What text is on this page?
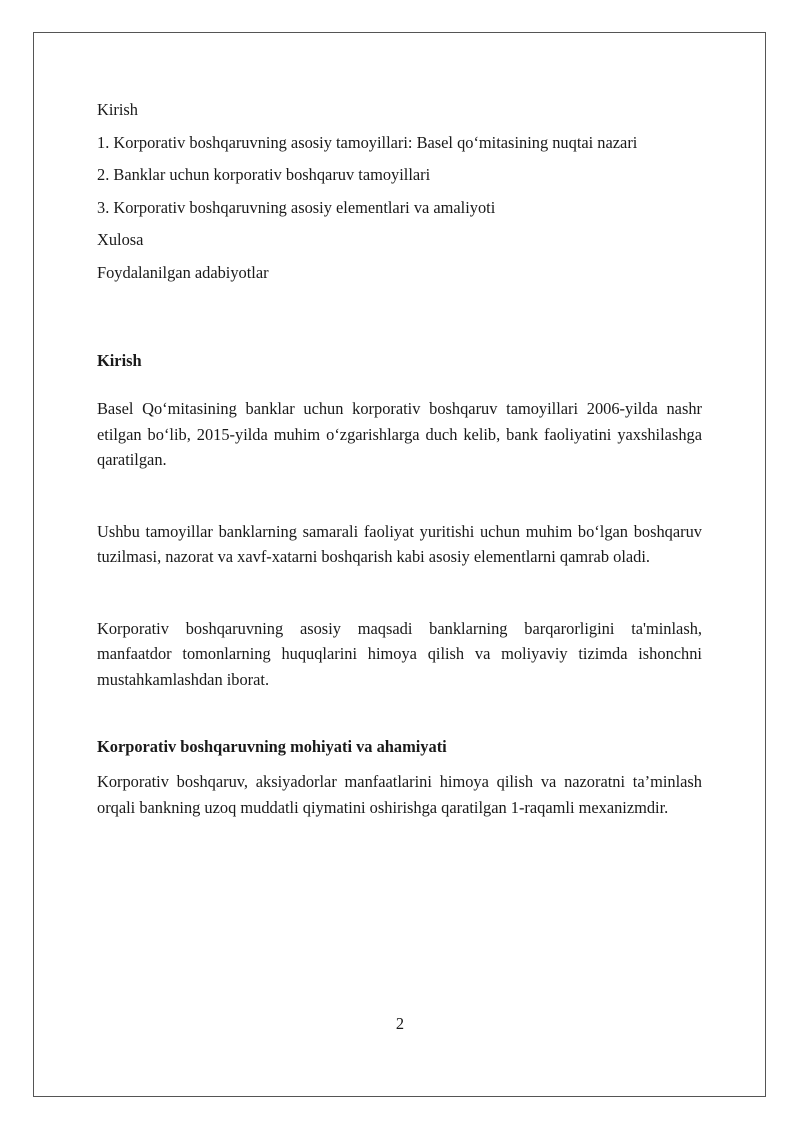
Kirish

1. Korporativ boshqaruvning asosiy tamoyillari: Basel qo‘mitasining nuqtai nazari

2. Banklar uchun korporativ boshqaruv tamoyillari

3. Korporativ boshqaruvning asosiy elementlari va amaliyoti

Xulosa

Foydalanilgan adabiyotlar

Kirish

Basel Qo‘mitasining banklar uchun korporativ boshqaruv tamoyillari 2006-yilda nashr etilgan bo‘lib, 2015-yilda muhim o‘zgarishlarga duch kelib, bank faoliyatini yaxshilashga qaratilgan.

Ushbu tamoyillar banklarning samarali faoliyat yuritishi uchun muhim bo‘lgan boshqaruv tuzilmasi, nazorat va xavf-xatarni boshqarish kabi asosiy elementlarni qamrab oladi.

Korporativ boshqaruvning asosiy maqsadi banklarning barqarorligini ta'minlash, manfaatdor tomonlarning huquqlarini himoya qilish va moliyaviy tizimda ishonchni mustahkamlashdan iborat.

Korporativ boshqaruvning mohiyati va ahamiyati

Korporativ boshqaruv, aksiyadorlar manfaatlarini himoya qilish va nazoratni ta’minlash orqali bankning uzoq muddatli qiymatini oshirishga qaratilgan 1-raqamli mexanizmdir.

2
